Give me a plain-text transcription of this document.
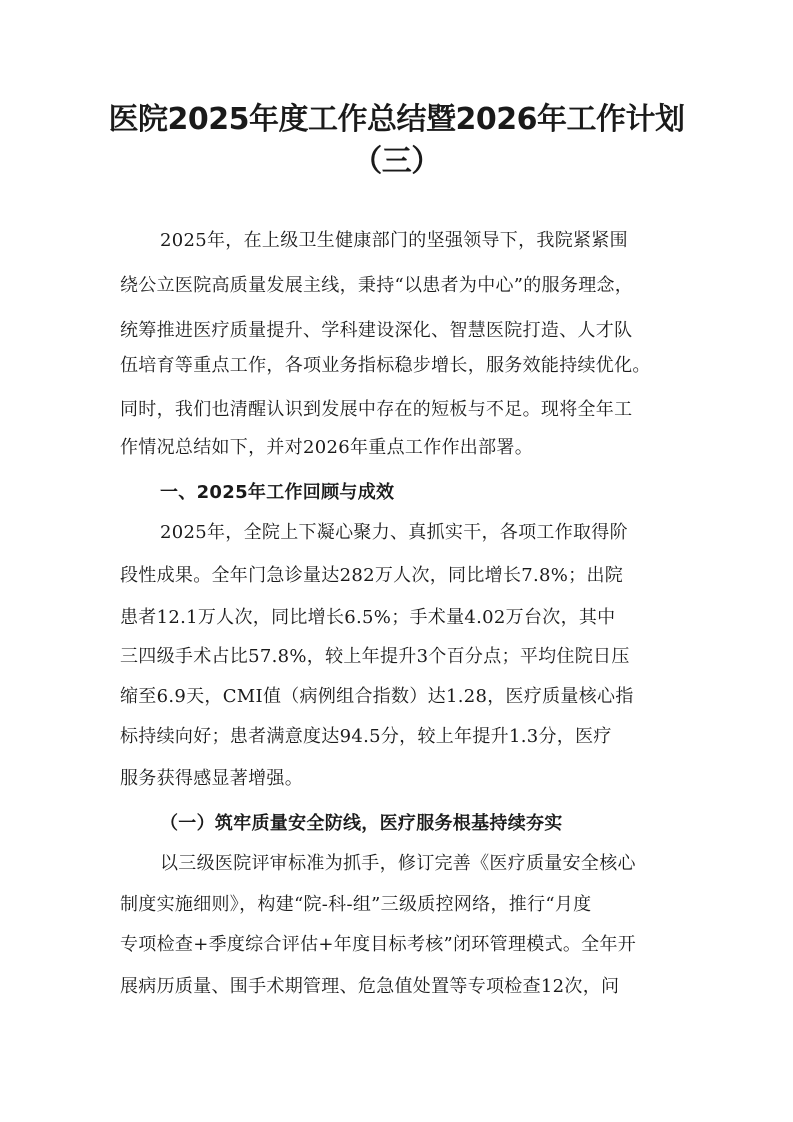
医院2025年度工作总结暨2026年工作计划
（三）
2025年，在上级卫生健康部门的坚强领导下，我院紧紧围
绕公立医院高质量发展主线，秉持“以患者为中心”的服务理念，
统筹推进医疗质量提升、学科建设深化、智慧医院打造、人才队
伍培育等重点工作，各项业务指标稳步增长，服务效能持续优化。
同时，我们也清醒认识到发展中存在的短板与不足。现将全年工
作情况总结如下，并对2026年重点工作作出部署。
一、2025年工作回顾与成效
2025年，全院上下凝心聚力、真抓实干，各项工作取得阶
段性成果。全年门急诊量达282万人次，同比增长7.8%；出院
患者12.1万人次，同比增长6.5%；手术量4.02万台次，其中
三四级手术占比57.8%，较上年提升3个百分点；平均住院日压
缩至6.9天，CMI值（病例组合指数）达1.28，医疗质量核心指
标持续向好；患者满意度达94.5分，较上年提升1.3分，医疗
服务获得感显著增强。
（一）筑牢质量安全防线，医疗服务根基持续夯实
以三级医院评审标准为抓手，修订完善《医疗质量安全核心
制度实施细则》，构建“院-科-组”三级质控网络，推行“月度
专项检查+季度综合评估+年度目标考核”闭环管理模式。全年开
展病历质量、围手术期管理、危急值处置等专项检查12次，问
